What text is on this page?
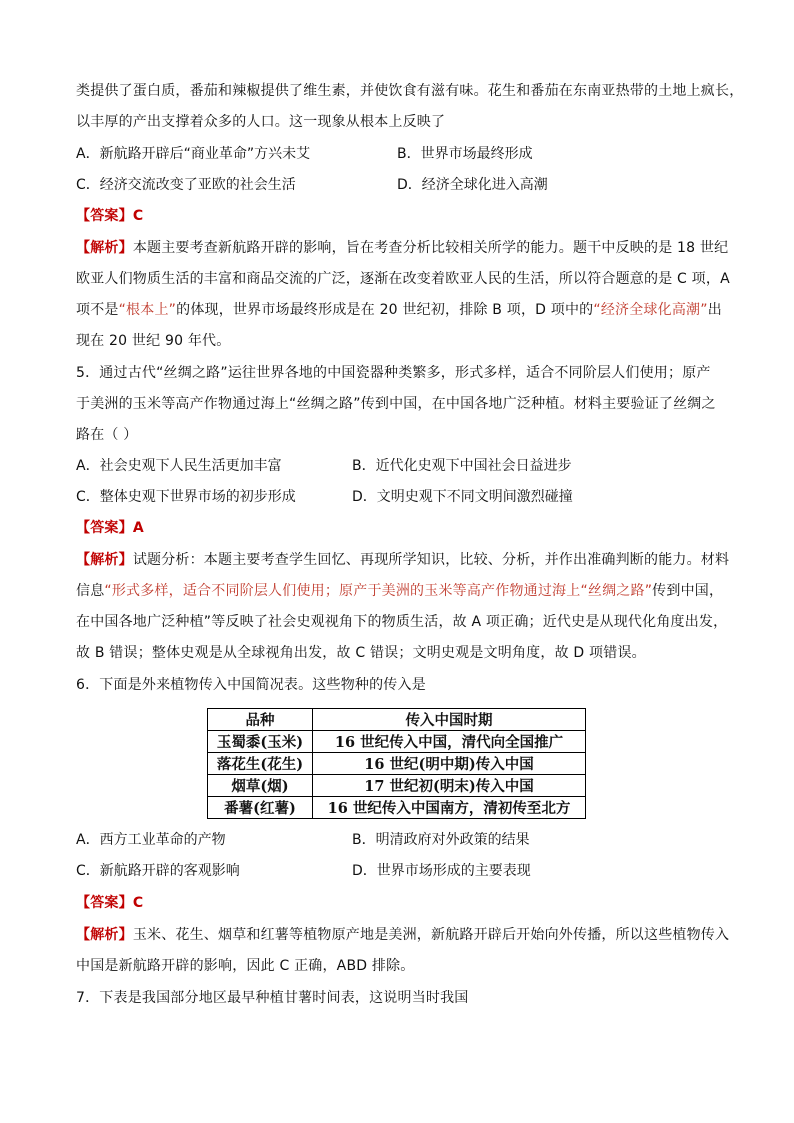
类提供了蛋白质，番茄和辣椒提供了维生素，并使饮食有滋有味。花生和番茄在东南亚热带的土地上疯长，
以丰厚的产出支撑着众多的人口。这一现象从根本上反映了
A．新航路开辟后“商业革命”方兴未艾	B．世界市场最终形成
C．经济交流改变了亚欧的社会生活	D．经济全球化进入高潮
【答案】C
【解析】本题主要考查新航路开辟的影响，旨在考查分析比较相关所学的能力。题干中反映的是 18 世纪
欧亚人们物质生活的丰富和商品交流的广泛，逐渐在改变着欧亚人民的生活，所以符合题意的是 C 项，A
项不是“根本上”的体现，世界市场最终形成是在 20 世纪初，排除 B 项，D 项中的“经济全球化高潮”出
现在 20 世纪 90 年代。
5．通过古代“丝绸之路”运往世界各地的中国瓷器种类繁多，形式多样，适合不同阶层人们使用；原产
于美洲的玉米等高产作物通过海上“丝绸之路”传到中国，在中国各地广泛种植。材料主要验证了丝绸之
路在（ ）
A．社会史观下人民生活更加丰富	B．近代化史观下中国社会日益进步
C．整体史观下世界市场的初步形成	D．文明史观下不同文明间激烈碰撞
【答案】A
【解析】试题分析：本题主要考查学生回忆、再现所学知识，比较、分析，并作出准确判断的能力。材料
信息“形式多样，适合不同阶层人们使用；原产于美洲的玉米等高产作物通过海上“丝绸之路”传到中国，
在中国各地广泛种植”等反映了社会史观视角下的物质生活，故 A 项正确；近代史是从现代化角度出发，
故 B 错误；整体史观是从全球视角出发，故 C 错误；文明史观是文明角度，故 D 项错误。
6．下面是外来植物传入中国简况表。这些物种的传入是
品种	传入中国时期
玉蜀黍(玉米)	16 世纪传入中国，清代向全国推广
落花生(花生)	16 世纪(明中期)传入中国
烟草(烟)	17 世纪初(明末)传入中国
番薯(红薯)	16 世纪传入中国南方，清初传至北方
A．西方工业革命的产物	B．明清政府对外政策的结果
C．新航路开辟的客观影响	D．世界市场形成的主要表现
【答案】C
【解析】玉米、花生、烟草和红薯等植物原产地是美洲，新航路开辟后开始向外传播，所以这些植物传入
中国是新航路开辟的影响，因此 C 正确，ABD 排除。
7．下表是我国部分地区最早种植甘薯时间表，这说明当时我国
